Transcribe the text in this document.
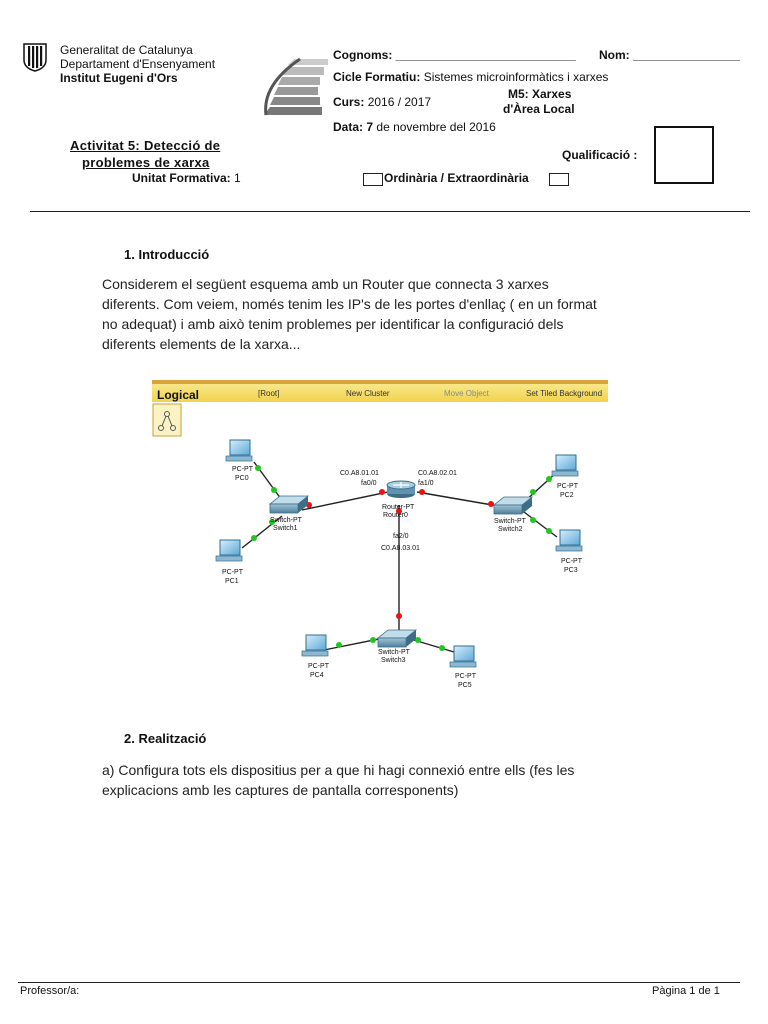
Generalitat de Catalunya
Departament d'Ensenyament
Institut Eugeni d'Ors
Cognoms: ___________________________ Nom: ________________
Cicle Formatiu: Sistemes microinformàtics i xarxes
Curs: 2016 / 2017
M5: Xarxes
d'Àrea Local
Data: 7 de novembre del 2016
Activitat 5: Detecció de
problemes de xarxa
Unitat Formativa: 1
Qualificació :
Ordinària / Extraordinària
1. Introducció
Considerem el següent esquema amb un Router que connecta 3 xarxes
diferents. Com veiem, només tenim les IP's de les portes d'enllaç ( en un format
no adequat) i amb això tenim problemes per identificar la configuració dels
diferents elements de la xarxa...
Logical	[Root]	New Cluster	Move Object	Set Tiled Background
Router-PT
Router0
C0.A8.01.01
fa0/0
C0.A8.02.01
fa1/0
fa2/0
C0.A8.03.01
Switch-PT
Switch1
Switch-PT
Switch2
Switch-PT
Switch3
PC-PT
PC0
PC-PT
PC1
PC-PT
PC2
PC-PT
PC3
PC-PT
PC4	PC-PT
PC5
2. Realització
a) Configura tots els dispositius per a que hi hagi connexió entre ells (fes les
explicacions amb les captures de pantalla corresponents)
Professor/a:	Pàgina 1 de 1
